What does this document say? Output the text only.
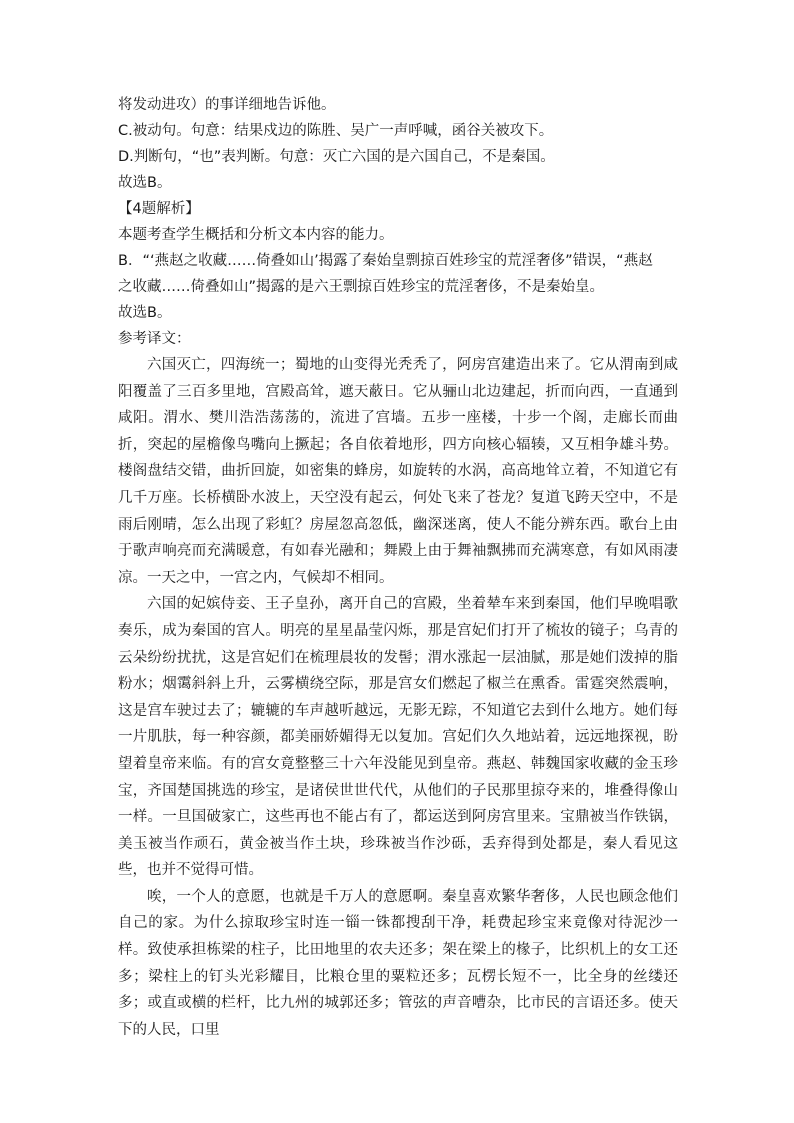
将发动进攻）的事详细地告诉他。

C.被动句。句意：结果戍边的陈胜、吴广一声呼喊，函谷关被攻下。

D.判断句，“也”表判断。句意：灭亡六国的是六国自己，不是秦国。

故选B。

【4题解析】

本题考查学生概括和分析文本内容的能力。

B．“‘燕赵之收藏……倚叠如山’揭露了秦始皇剽掠百姓珍宝的荒淫奢侈”错误，“燕赵

之收藏……倚叠如山”揭露的是六王剽掠百姓珍宝的荒淫奢侈，不是秦始皇。

故选B。

参考译文：

六国灭亡，四海统一；蜀地的山变得光秃秃了，阿房宫建造出来了。它从渭南到咸阳覆盖了三百多里地，宫殿高耸，遮天蔽日。它从骊山北边建起，折而向西，一直通到咸阳。渭水、樊川浩浩荡荡的，流进了宫墙。五步一座楼，十步一个阁，走廊长而曲折，突起的屋檐像鸟嘴向上撅起；各自依着地形，四方向核心辐辏，又互相争雄斗势。楼阁盘结交错，曲折回旋，如密集的蜂房，如旋转的水涡，高高地耸立着，不知道它有几千万座。长桥横卧水波上，天空没有起云，何处飞来了苍龙？复道飞跨天空中，不是雨后刚晴，怎么出现了彩虹？房屋忽高忽低，幽深迷离，使人不能分辨东西。歌台上由于歌声响亮而充满暖意，有如春光融和；舞殿上由于舞袖飘拂而充满寒意，有如风雨凄凉。一天之中，一宫之内，气候却不相同。

六国的妃嫔侍妾、王子皇孙，离开自己的宫殿，坐着辇车来到秦国，他们早晚唱歌奏乐，成为秦国的宫人。明亮的星星晶莹闪烁，那是宫妃们打开了梳妆的镜子；乌青的云朵纷纷扰扰，这是宫妃们在梳理晨妆的发髻；渭水涨起一层油腻，那是她们泼掉的脂粉水；烟霭斜斜上升，云雾横绕空际，那是宫女们燃起了椒兰在熏香。雷霆突然震响，这是宫车驶过去了；辘辘的车声越听越远，无影无踪，不知道它去到什么地方。她们每一片肌肤，每一种容颜，都美丽娇媚得无以复加。宫妃们久久地站着，远远地探视，盼望着皇帝来临。有的宫女竟整整三十六年没能见到皇帝。燕赵、韩魏国家收藏的金玉珍宝，齐国楚国挑选的珍宝，是诸侯世世代代，从他们的子民那里掠夺来的，堆叠得像山一样。一旦国破家亡，这些再也不能占有了，都运送到阿房宫里来。宝鼎被当作铁锅，美玉被当作顽石，黄金被当作土块，珍珠被当作沙砾，丢弃得到处都是，秦人看见这些，也并不觉得可惜。

唉，一个人的意愿，也就是千万人的意愿啊。秦皇喜欢繁华奢侈，人民也顾念他们自己的家。为什么掠取珍宝时连一锱一铢都搜刮干净，耗费起珍宝来竟像对待泥沙一样。致使承担栋梁的柱子，比田地里的农夫还多；架在梁上的椽子，比织机上的女工还多；梁柱上的钉头光彩耀目，比粮仓里的粟粒还多；瓦楞长短不一，比全身的丝缕还多；或直或横的栏杆，比九州的城郭还多；管弦的声音嘈杂，比市民的言语还多。使天下的人民，口里
